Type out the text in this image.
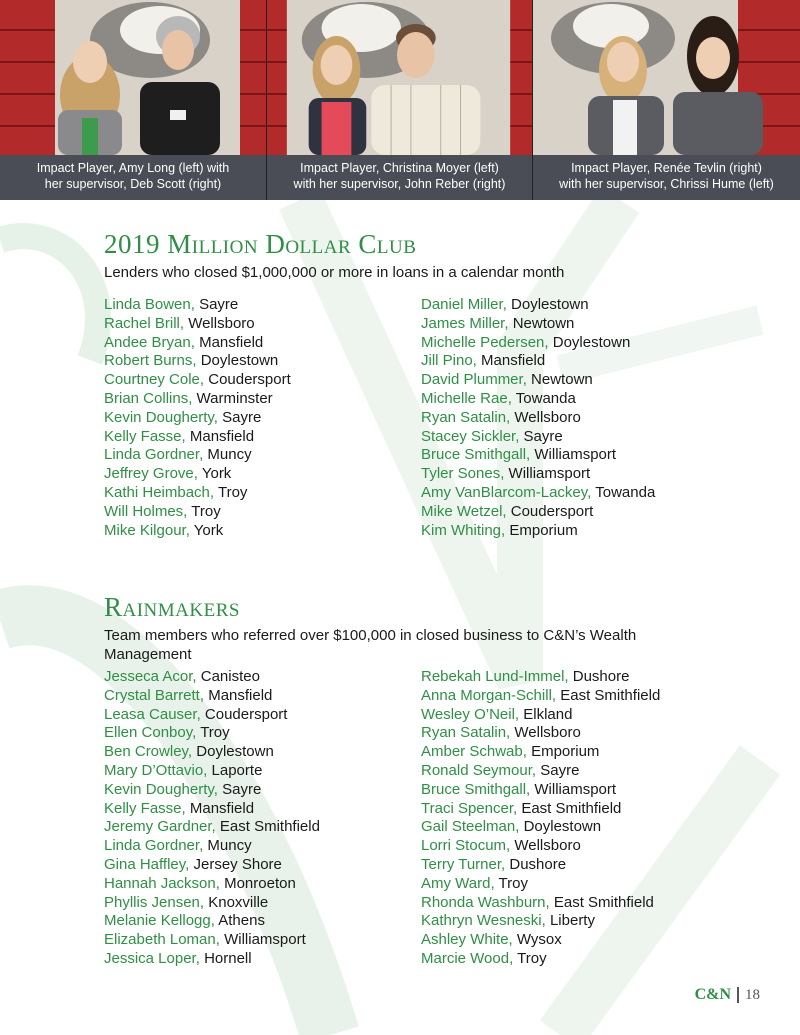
Impact Player, Amy Long (left) with
her supervisor, Deb Scott (right)
Impact Player, Christina Moyer (left)
with her supervisor, John Reber (right)
Impact Player, Renée Tevlin (right)
with her supervisor, Chrissi Hume (left)
2019 Million Dollar Club
Lenders who closed $1,000,000 or more in loans in a calendar month
Linda Bowen, Sayre
Rachel Brill, Wellsboro
Andee Bryan, Mansfield
Robert Burns, Doylestown
Courtney Cole, Coudersport
Brian Collins, Warminster
Kevin Dougherty, Sayre
Kelly Fasse, Mansfield
Linda Gordner, Muncy
Jeffrey Grove, York
Kathi Heimbach, Troy
Will Holmes, Troy
Mike Kilgour, York
Daniel Miller, Doylestown
James Miller, Newtown
Michelle Pedersen, Doylestown
Jill Pino, Mansfield
David Plummer, Newtown
Michelle Rae, Towanda
Ryan Satalin, Wellsboro
Stacey Sickler, Sayre
Bruce Smithgall, Williamsport
Tyler Sones, Williamsport
Amy VanBlarcom-Lackey, Towanda
Mike Wetzel, Coudersport
Kim Whiting, Emporium
Rainmakers
Team members who referred over $100,000 in closed business to C&N’s Wealth Management
Jesseca Acor, Canisteo
Crystal Barrett, Mansfield
Leasa Causer, Coudersport
Ellen Conboy, Troy
Ben Crowley, Doylestown
Mary D’Ottavio, Laporte
Kevin Dougherty, Sayre
Kelly Fasse, Mansfield
Jeremy Gardner, East Smithfield
Linda Gordner, Muncy
Gina Haffley, Jersey Shore
Hannah Jackson, Monroeton
Phyllis Jensen, Knoxville
Melanie Kellogg, Athens
Elizabeth Loman, Williamsport
Jessica Loper, Hornell
Rebekah Lund-Immel, Dushore
Anna Morgan-Schill, East Smithfield
Wesley O’Neil, Elkland
Ryan Satalin, Wellsboro
Amber Schwab, Emporium
Ronald Seymour, Sayre
Bruce Smithgall, Williamsport
Traci Spencer, East Smithfield
Gail Steelman, Doylestown
Lorri Stocum, Wellsboro
Terry Turner, Dushore
Amy Ward, Troy
Rhonda Washburn, East Smithfield
Kathryn Wesneski, Liberty
Ashley White, Wysox
Marcie Wood, Troy
C&N 18
